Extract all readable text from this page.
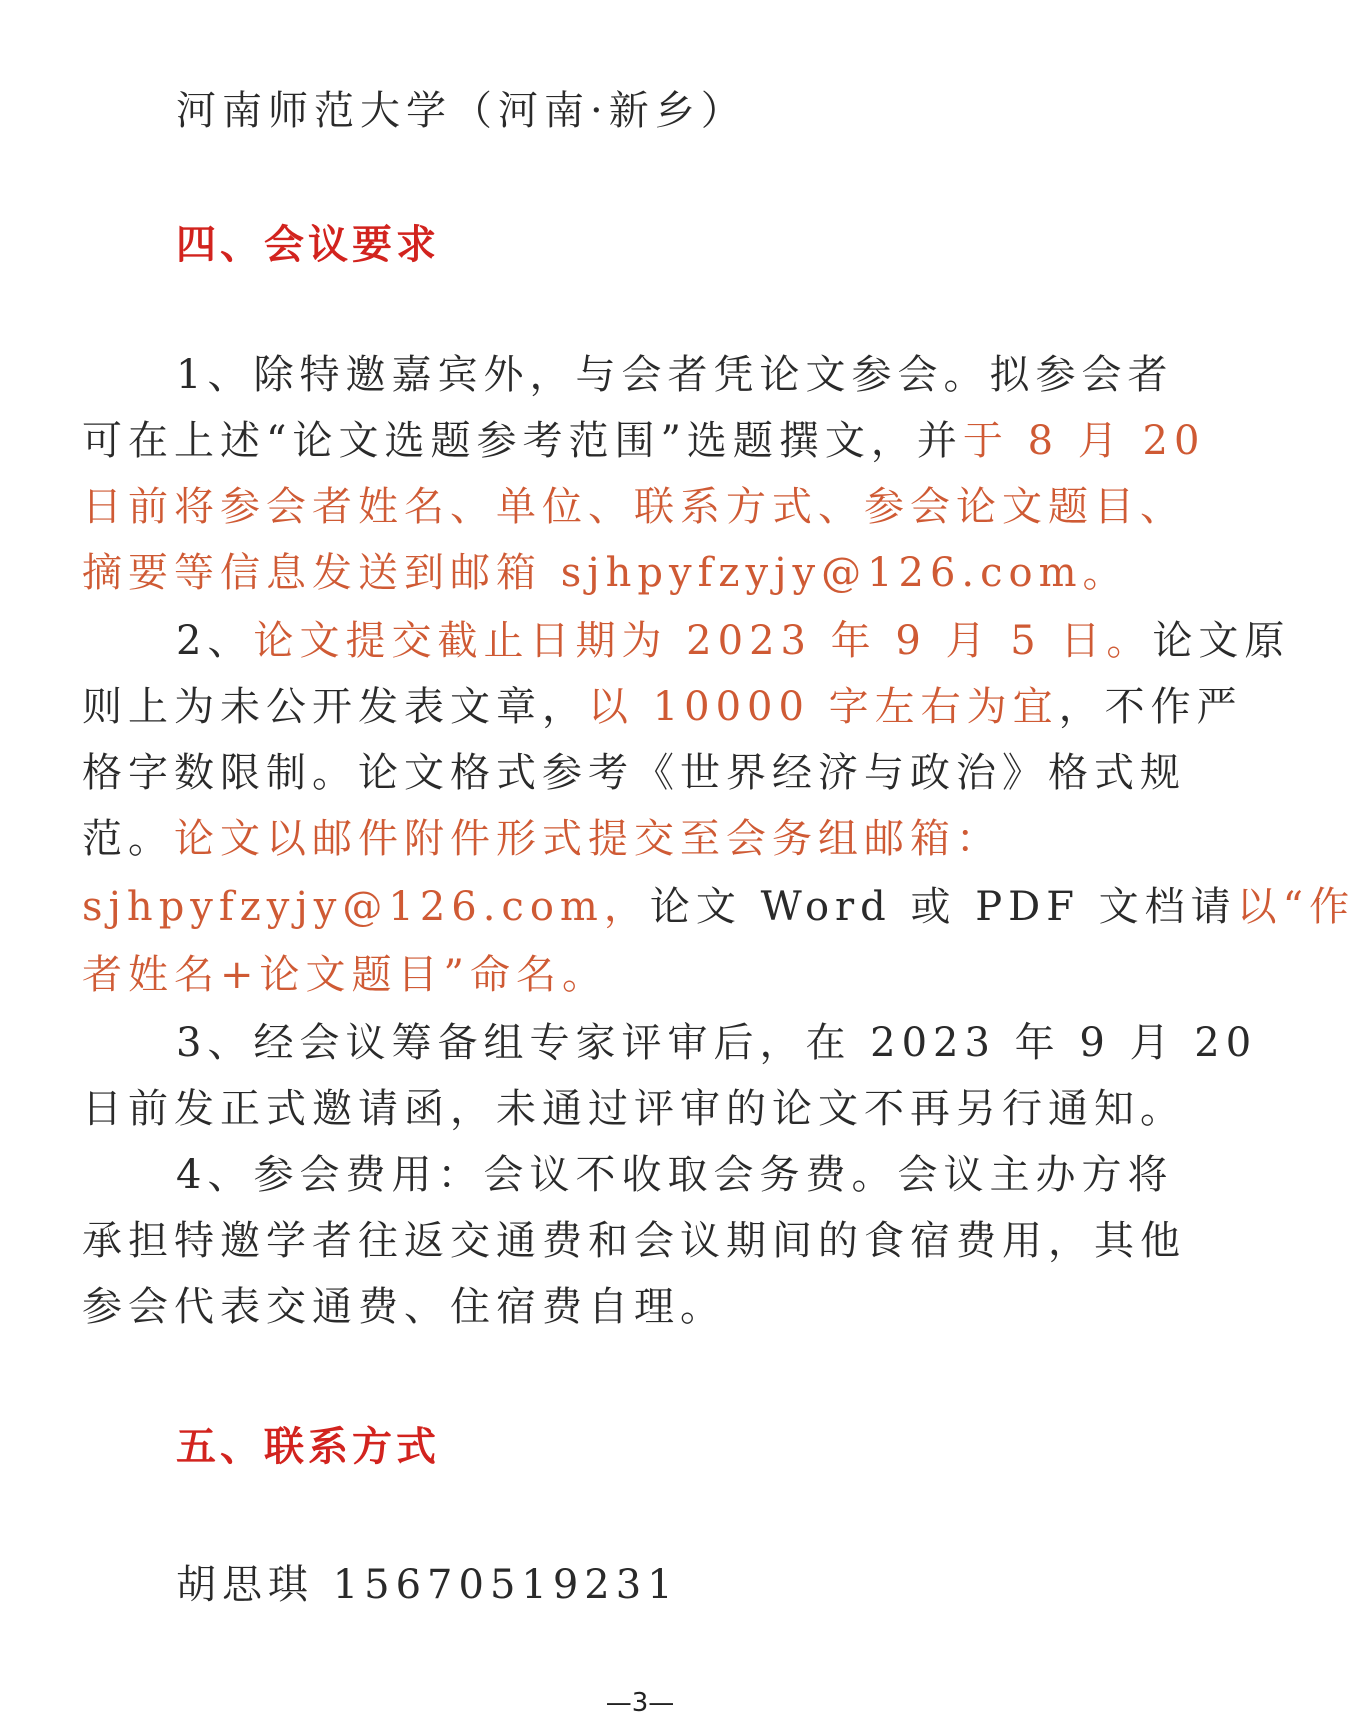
河南师范大学（河南·新乡）
四、会议要求
1、除特邀嘉宾外，与会者凭论文参会。拟参会者
可在上述“论文选题参考范围”选题撰文，并于 8 月 20
日前将参会者姓名、单位、联系方式、参会论文题目、
摘要等信息发送到邮箱 sjhpyfzyjy@126.com。
2、论文提交截止日期为 2023 年 9 月 5 日。论文原
则上为未公开发表文章，以 10000 字左右为宜，不作严
格字数限制。论文格式参考《世界经济与政治》格式规
范。论文以邮件附件形式提交至会务组邮箱：
sjhpyfzyjy@126.com，论文 Word 或 PDF 文档请以“作
者姓名+论文题目”命名。
3、经会议筹备组专家评审后，在 2023 年 9 月 20
日前发正式邀请函，未通过评审的论文不再另行通知。
4、参会费用：会议不收取会务费。会议主办方将
承担特邀学者往返交通费和会议期间的食宿费用，其他
参会代表交通费、住宿费自理。
五、联系方式
胡思琪 15670519231
—3—
